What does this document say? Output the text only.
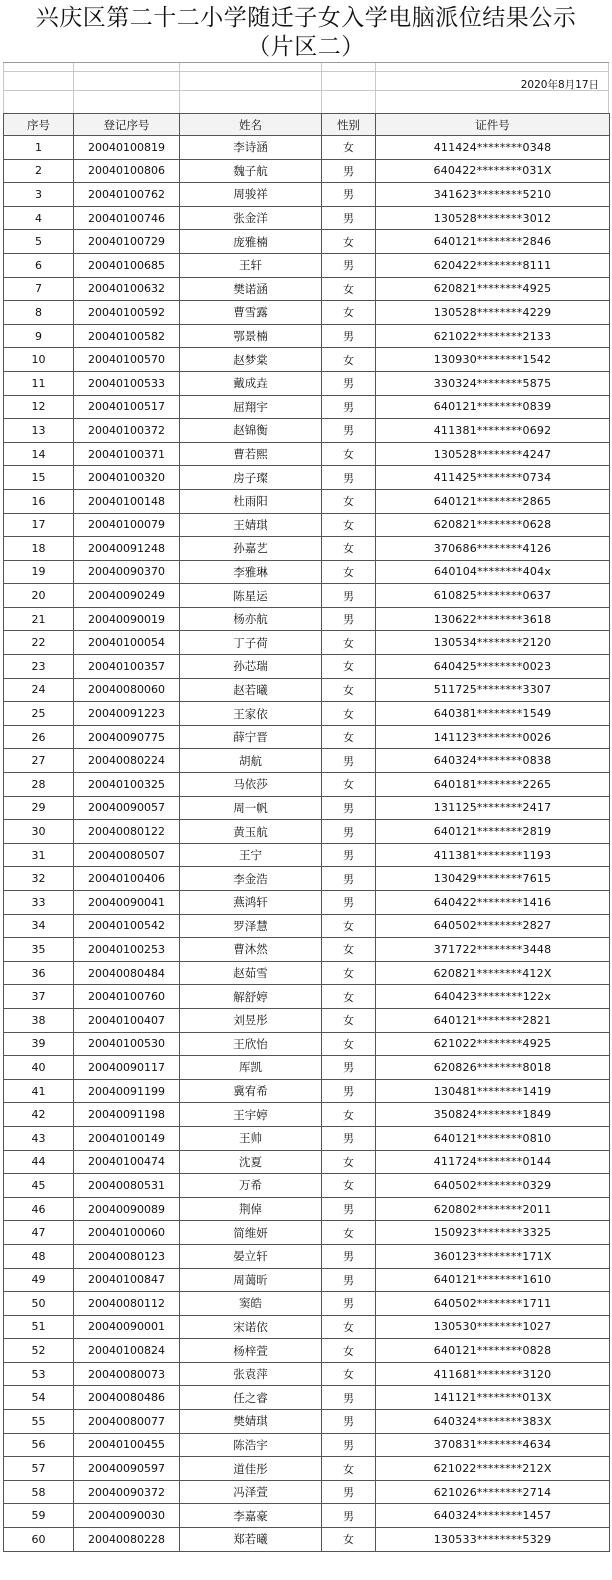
兴庆区第二十二小学随迁子女入学电脑派位结果公示
（片区二）
2020年8月17日
序号	登记序号	姓名	性别	证件号
1	20040100819	李诗涵	女	411424********0348
2	20040100806	魏子航	男	640422********031X
3	20040100762	周骏祥	男	341623********5210
4	20040100746	张金洋	男	130528********3012
5	20040100729	庞雅楠	女	640121********2846
6	20040100685	王轩	男	620422********8111
7	20040100632	樊诺涵	女	620821********4925
8	20040100592	曹雪露	女	130528********4229
9	20040100582	鄂景楠	男	621022********2133
10	20040100570	赵梦棠	女	130930********1542
11	20040100533	戴成垚	男	330324********5875
12	20040100517	屈翔宇	男	640121********0839
13	20040100372	赵锦衡	男	411381********0692
14	20040100371	曹若熙	女	130528********4247
15	20040100320	房子璨	男	411425********0734
16	20040100148	杜雨阳	女	640121********2865
17	20040100079	王婧琪	女	620821********0628
18	20040091248	孙嘉艺	女	370686********4126
19	20040090370	李雅琳	女	640104********404x
20	20040090249	陈星运	男	610825********0637
21	20040090019	杨亦航	男	130622********3618
22	20040100054	丁子荷	女	130534********2120
23	20040100357	孙芯瑞	女	640425********0023
24	20040080060	赵若曦	女	511725********3307
25	20040091223	王家依	女	640381********1549
26	20040090775	薛宁晋	女	141123********0026
27	20040080224	胡航	男	640324********0838
28	20040100325	马依莎	女	640181********2265
29	20040090057	周一帆	男	131125********2417
30	20040080122	黄玉航	男	640121********2819
31	20040080507	王宁	男	411381********1193
32	20040100406	李金浩	男	130429********7615
33	20040090041	燕鸿轩	男	640422********1416
34	20040100542	罗泽慧	女	640502********2827
35	20040100253	曹沐然	女	371722********3448
36	20040080484	赵茹雪	女	620821********412X
37	20040100760	解舒婷	女	640423********122x
38	20040100407	刘昱彤	女	640121********2821
39	20040100530	王欣怡	女	621022********4925
40	20040090117	厍凯	男	620826********8018
41	20040091199	冀宥希	男	130481********1419
42	20040091198	王宇婷	女	350824********1849
43	20040100149	王帅	男	640121********0810
44	20040100474	沈夏	女	411724********0144
45	20040080531	万希	女	640502********0329
46	20040090089	荆倬	男	620802********2011
47	20040100060	简维妍	女	150923********3325
48	20040080123	晏立轩	男	360123********171X
49	20040100847	周蔼昕	男	640121********1610
50	20040080112	窦皓	男	640502********1711
51	20040090001	宋诺依	女	130530********1027
52	20040100824	杨梓萱	女	640121********0828
53	20040080073	张袁萍	女	411681********3120
54	20040080486	任之睿	男	141121********013X
55	20040080077	樊婧琪	男	640324********383X
56	20040100455	陈浩宇	男	370831********4634
57	20040090597	道佳彤	女	621022********212X
58	20040090372	冯泽萱	男	621026********2714
59	20040090030	李嘉豪	男	640324********1457
60	20040080228	郑若曦	女	130533********5329
